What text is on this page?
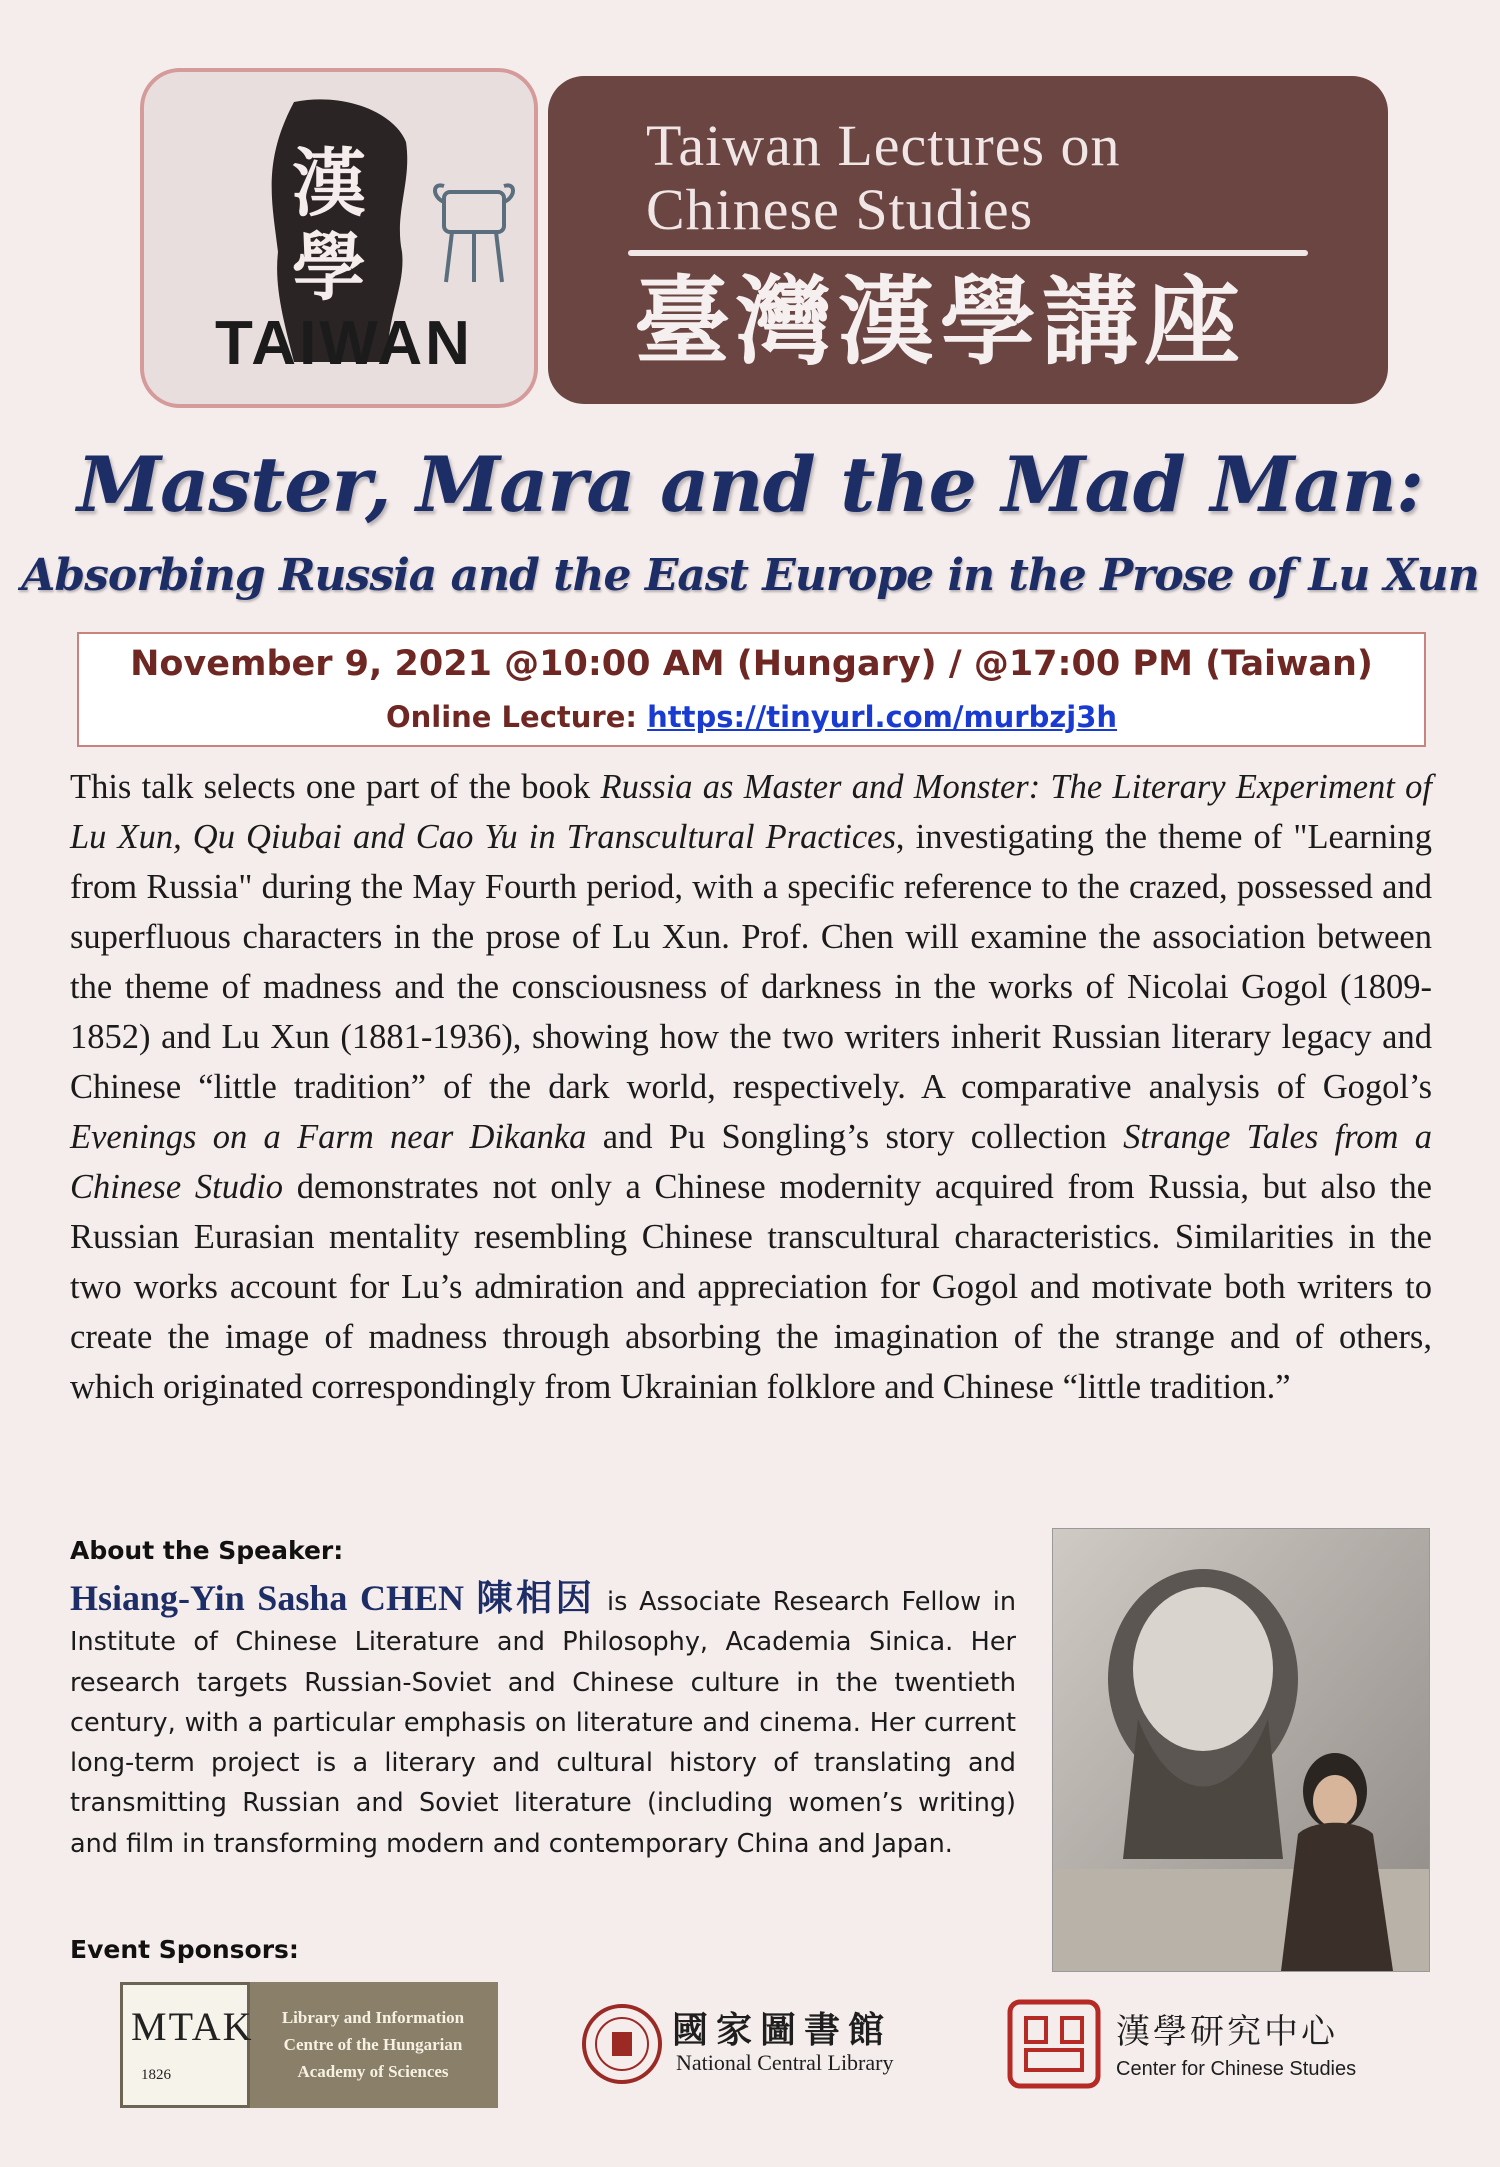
漢學
TAIWAN
Taiwan Lectures on
Chinese Studies
臺灣漢學講座
Master, Mara and the Mad Man:
Absorbing Russia and the East Europe in the Prose of Lu Xun
November 9, 2021 @10:00 AM (Hungary) / @17:00 PM (Taiwan)
Online Lecture: https://tinyurl.com/murbzj3h
This talk selects one part of the book Russia as Master and Monster: The Literary Experiment of Lu Xun, Qu Qiubai and Cao Yu in Transcultural Practices, investigating the theme of "Learning from Russia" during the May Fourth period, with a specific reference to the crazed, possessed and superfluous characters in the prose of Lu Xun. Prof. Chen will examine the association between the theme of madness and the consciousness of darkness in the works of Nicolai Gogol (1809-1852) and Lu Xun (1881-1936), showing how the two writers inherit Russian literary legacy and Chinese “little tradition” of the dark world, respectively. A comparative analysis of Gogol’s Evenings on a Farm near Dikanka and Pu Songling’s story collection Strange Tales from a Chinese Studio demonstrates not only a Chinese modernity acquired from Russia, but also the Russian Eurasian mentality resembling Chinese transcultural characteristics. Similarities in the two works account for Lu’s admiration and appreciation for Gogol and motivate both writers to create the image of madness through absorbing the imagination of the strange and of others, which originated correspondingly from Ukrainian folklore and Chinese “little tradition.”
About the Speaker:
Hsiang-Yin Sasha CHEN 陳相因 is Associate Research Fellow in Institute of Chinese Literature and Philosophy, Academia Sinica. Her research targets Russian-Soviet and Chinese culture in the twentieth century, with a particular emphasis on literature and cinema. Her current long-term project is a literary and cultural history of translating and transmitting Russian and Soviet literature (including women’s writing) and film in transforming modern and contemporary China and Japan.
Event Sponsors:
MTAK
1826
Library and Information
Centre of the Hungarian
Academy of Sciences
國家圖書館
National Central Library
漢學研究中心
Center for Chinese Studies
